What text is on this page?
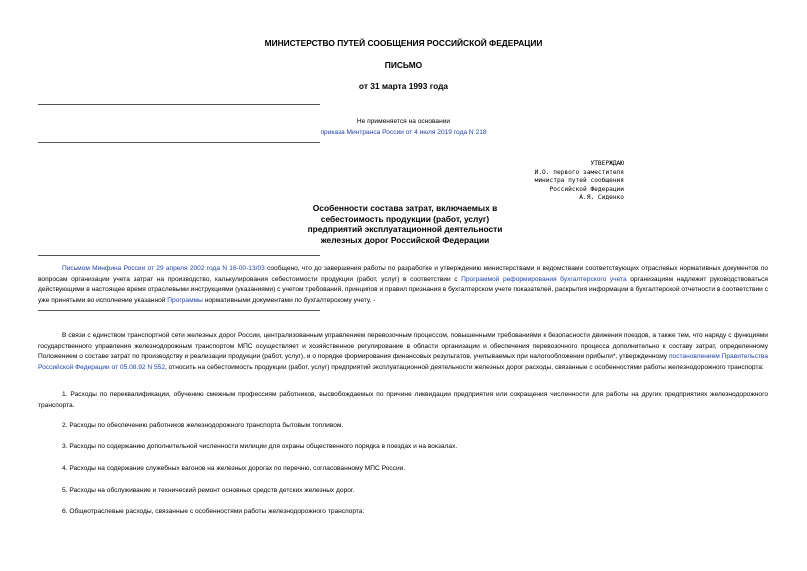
МИНИСТЕРСТВО ПУТЕЙ СООБЩЕНИЯ РОССИЙСКОЙ ФЕДЕРАЦИИ
ПИСЬМО
от 31 марта 1993 года
Не применяется на основании
приказа Минтранса России от 4 июля 2019 года N 218
УТВЕРЖДАЮ
И.О. первого заместителя
министра путей сообщения
Российской Федерации
А.Я. Сиденко
Особенности состава затрат, включаемых в
себестоимость продукции (работ, услуг)
предприятий эксплуатационной деятельности
железных дорог Российской Федерации
Письмом Минфина России от 29 апреля 2002 года N 16-00-13/03 сообщено, что до завершения работы по разработке и утверждению министерствами и ведомствами соответствующих отраслевых нормативных документов по вопросам организации учета затрат на производство, калькулирования себестоимости продукции (работ, услуг) в соответствии с Программой реформирования бухгалтерского учета организациям надлежит руководствоваться действующими в настоящее время отраслевыми инструкциями (указаниями) с учетом требований, принципов и правил признания в бухгалтерском учете показателей, раскрытия информации в бухгалтерской отчетности в соответствии с уже принятыми во исполнение указанной Программы нормативными документами по бухгалтерскому учету. -
В связи с единством транспортной сети железных дорог России, централизованным управлением перевозочным процессом, повышенными требованиями к безопасности движения поездов, а также тем, что наряду с функциями государственного управления железнодорожным транспортом МПС осуществляет и хозяйственное регулирование в области организации и обеспечения перевозочного процесса дополнительно к составу затрат, определенному Положением о составе затрат по производству и реализации продукции (работ, услуг), и о порядке формирования финансовых результатов, учитываемых при налогообложении прибыли*, утвержденному постановлением Правительства Российской Федерации от 05.08.92 N 552, относить на себестоимость продукции (работ, услуг) предприятий эксплуатационной деятельности железных дорог расходы, связанные с особенностями работы железнодорожного транспорта:
1. Расходы по переквалификации, обучению смежным профессиям работников, высвобождаемых по причине ликвидации предприятия или сокращения численности для работы на других предприятиях железнодорожного транспорта.
2. Расходы по обеспечению работников железнодорожного транспорта бытовым топливом.
3. Расходы по содержанию дополнительной численности милиции для охраны общественного порядка в поездах и на вокзалах.
4. Расходы на содержание служебных вагонов на железных дорогах по перечню, согласованному МПС России.
5. Расходы на обслуживание и технический ремонт основных средств детских железных дорог.
6. Общеотраслевые расходы, связанные с особенностями работы железнодорожного транспорта:
